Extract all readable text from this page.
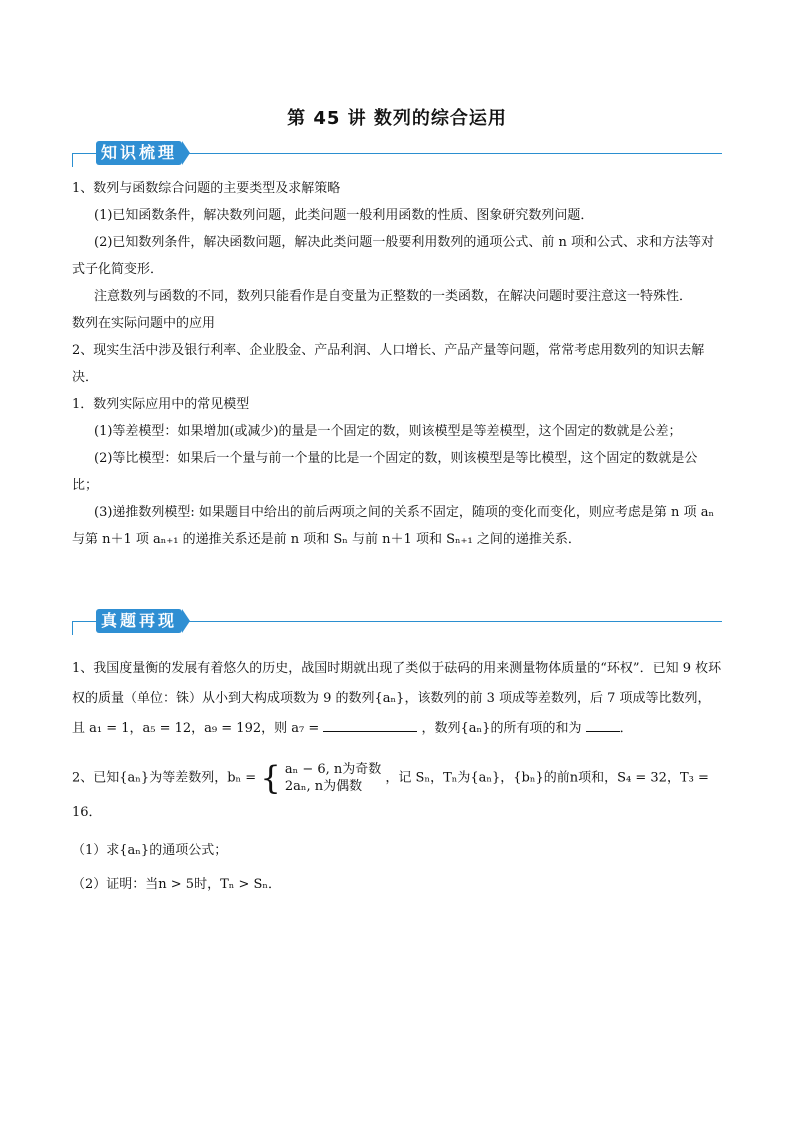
第 45 讲 数列的综合运用
知识梳理

1、数列与函数综合问题的主要类型及求解策略

(1)已知函数条件，解决数列问题，此类问题一般利用函数的性质、图象研究数列问题．

(2)已知数列条件，解决函数问题，解决此类问题一般要利用数列的通项公式、前 n 项和公式、求和方法等对式子化简变形．

注意数列与函数的不同，数列只能看作是自变量为正整数的一类函数，在解决问题时要注意这一特殊性．

数列在实际问题中的应用

2、现实生活中涉及银行利率、企业股金、产品利润、人口增长、产品产量等问题，常常考虑用数列的知识去解决．

1．数列实际应用中的常见模型

(1)等差模型：如果增加(或减少)的量是一个固定的数，则该模型是等差模型，这个固定的数就是公差；

(2)等比模型：如果后一个量与前一个量的比是一个固定的数，则该模型是等比模型，这个固定的数就是公比；

(3)递推数列模型: 如果题目中给出的前后两项之间的关系不固定，随项的变化而变化，则应考虑是第 n 项 aₙ 与第 n＋1 项 aₙ₊₁ 的递推关系还是前 n 项和 Sₙ 与前 n＋1 项和 Sₙ₊₁ 之间的递推关系．

真题再现

1、我国度量衡的发展有着悠久的历史，战国时期就出现了类似于砝码的用来测量物体质量的“环权”．已知 9 枚环权的质量（单位：铢）从小到大构成项数为 9 的数列{aₙ}，该数列的前 3 项成等差数列，后 7 项成等比数列，且 a₁ = 1，a₅ = 12，a₉ = 192，则 a₇ =	，数列{aₙ}的所有项的和为	．

2、已知{aₙ}为等差数列，bₙ = { aₙ − 6, n为奇数
2aₙ, n为偶数 ，记 Sₙ，Tₙ为{aₙ}，{bₙ}的前n项和，S₄ = 32，T₃ = 16．

（1）求{aₙ}的通项公式；

（2）证明：当n > 5时，Tₙ > Sₙ．
